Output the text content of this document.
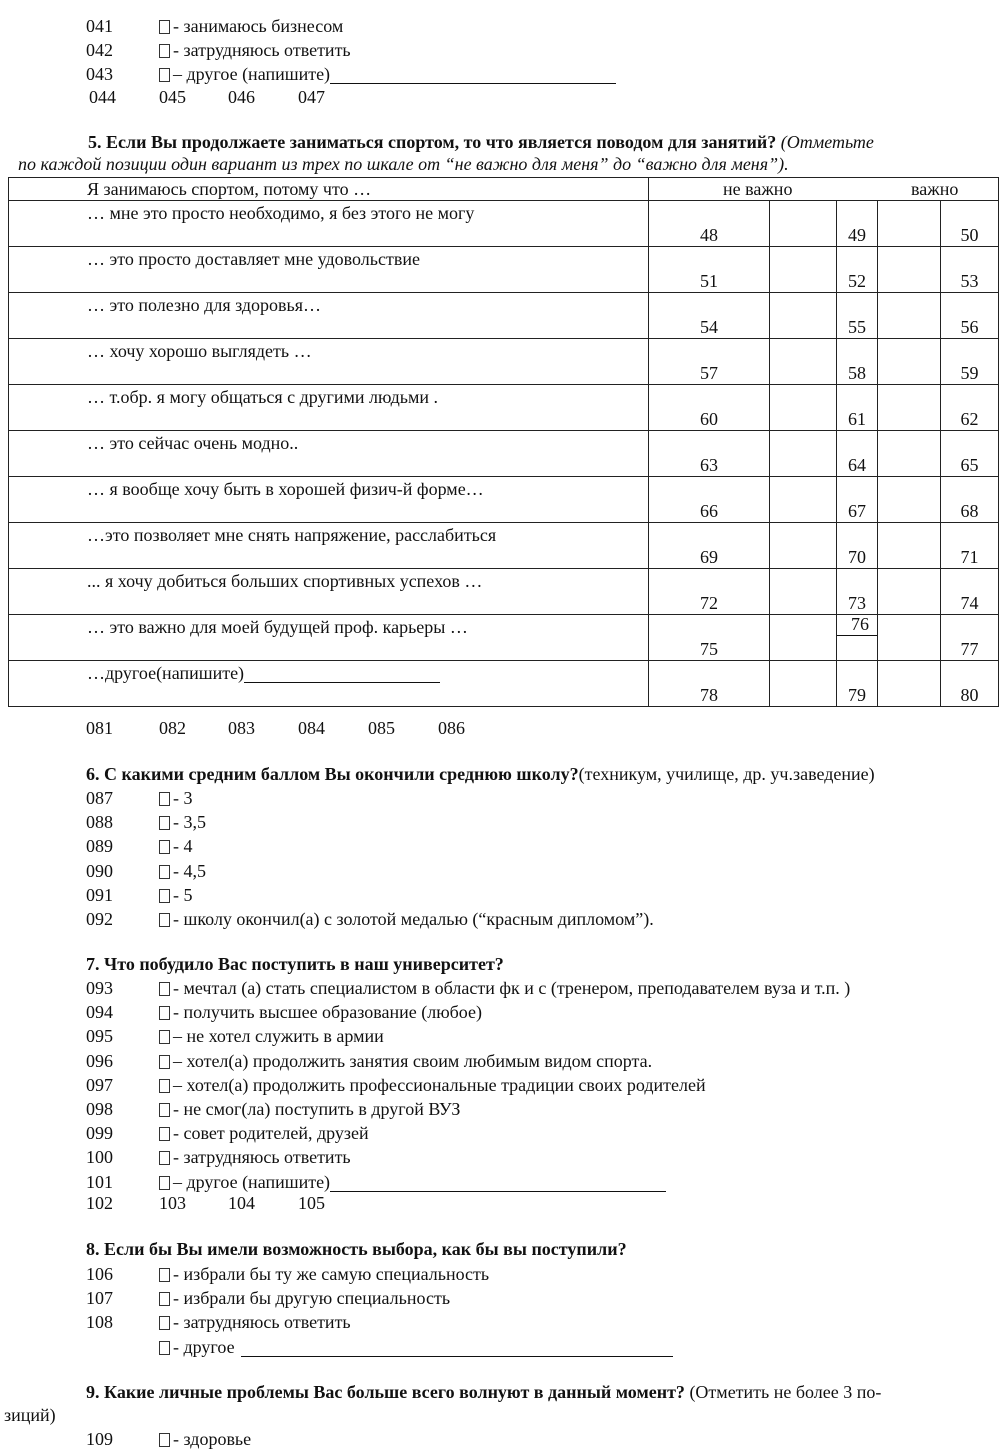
041	- занимаюсь бизнесом
042	- затрудняюсь ответить
043	– другое (напишите)
044 045 046 047
5. Если Вы продолжаете заниматься спортом, то что является поводом для занятий? (Отметьте
по каждой позиции один вариант из трех по шкале от “не важно для меня” до “важно для меня”).
Я занимаюсь спортом, потому что …	не важно важно				

… мне это просто необходимо, я без этого не могу	48		49		50

… это просто доставляет мне удовольствие	51		52		53

… это полезно для здоровья…	54		55		56

… хочу хорошо выглядеть …	57		58		59

… т.обр. я могу общаться с другими людьми .	60		61		62

… это сейчас очень модно..	63		64		65

… я вообще хочу быть в хорошей физич-й форме…	66		67		68

…это позволяет мне снять напряжение, расслабиться	69		70		71

... я хочу добиться больших спортивных успехов …	72		73		74

… это важно для моей будущей проф. карьеры …	75		76		77

…другое(напишите)	78		79		80
081	082 083 084 085 086
6. С какими средним баллом Вы окончили среднюю школу?(техникум, училище, др. уч.заведение)
087	- 3
088	- 3,5
089	- 4
090	- 4,5
091	- 5
092	- школу окончил(а) с золотой медалью (“красным дипломом”).
7. Что побудило Вас поступить в наш университет?
093	- мечтал (а) стать специалистом в области фк и с (тренером, преподавателем вуза и т.п. )
094	- получить высшее образование (любое)
095	– не хотел служить в армии
096	– хотел(а) продолжить занятия своим любимым видом спорта.
097	– хотел(а) продолжить профессиональные традиции своих родителей
098	- не смог(ла) поступить в другой ВУЗ
099	- совет родителей, друзей
100	- затрудняюсь ответить
101	– другое (напишите)
102	103 104 105
8. Если бы Вы имели возможность выбора, как бы вы поступили?
106	- избрали бы ту же самую специальность
107	- избрали бы другую специальность
108	- затрудняюсь ответить
- другое
9. Какие личные проблемы Вас больше всего волнуют в данный момент? (Отметить не более 3 по-
зиций)
109	- здоровье
